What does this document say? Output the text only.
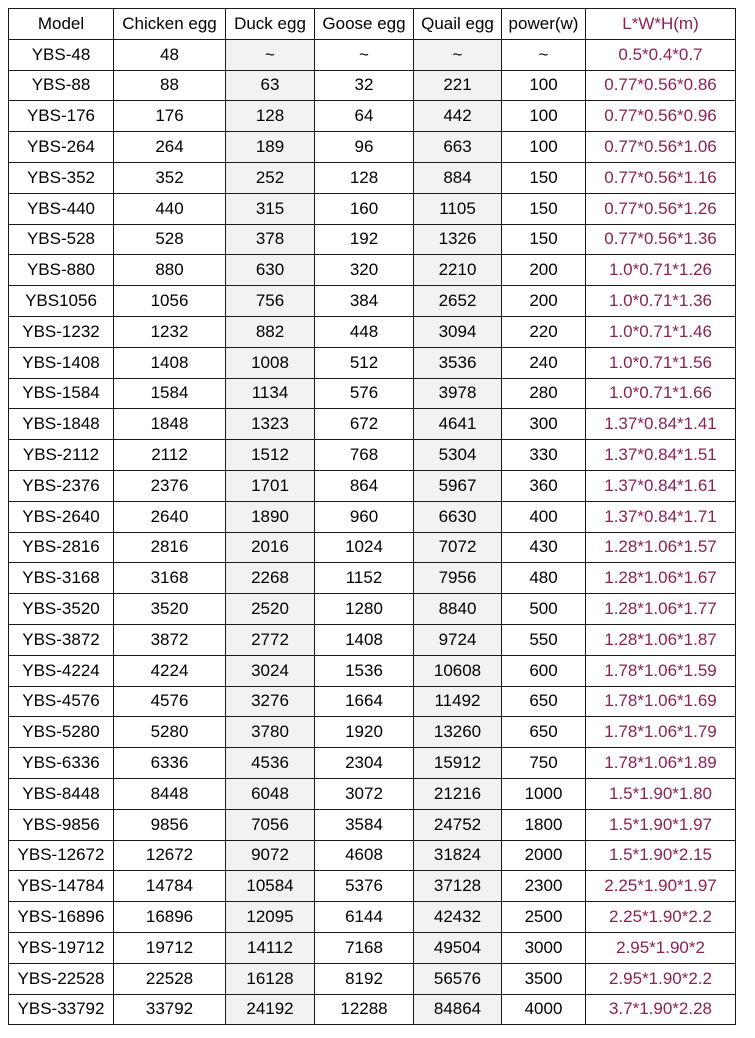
Model	Chicken egg	Duck egg	Goose egg	Quail egg	power(w)	L*W*H(m)
YBS-48	48	~	~	~	~	0.5*0.4*0.7
YBS-88	88	63	32	221	100	0.77*0.56*0.86
YBS-176	176	128	64	442	100	0.77*0.56*0.96
YBS-264	264	189	96	663	100	0.77*0.56*1.06
YBS-352	352	252	128	884	150	0.77*0.56*1.16
YBS-440	440	315	160	1105	150	0.77*0.56*1.26
YBS-528	528	378	192	1326	150	0.77*0.56*1.36
YBS-880	880	630	320	2210	200	1.0*0.71*1.26
YBS1056	1056	756	384	2652	200	1.0*0.71*1.36
YBS-1232	1232	882	448	3094	220	1.0*0.71*1.46
YBS-1408	1408	1008	512	3536	240	1.0*0.71*1.56
YBS-1584	1584	1134	576	3978	280	1.0*0.71*1.66
YBS-1848	1848	1323	672	4641	300	1.37*0.84*1.41
YBS-2112	2112	1512	768	5304	330	1.37*0.84*1.51
YBS-2376	2376	1701	864	5967	360	1.37*0.84*1.61
YBS-2640	2640	1890	960	6630	400	1.37*0.84*1.71
YBS-2816	2816	2016	1024	7072	430	1.28*1.06*1.57
YBS-3168	3168	2268	1152	7956	480	1.28*1.06*1.67
YBS-3520	3520	2520	1280	8840	500	1.28*1.06*1.77
YBS-3872	3872	2772	1408	9724	550	1.28*1.06*1.87
YBS-4224	4224	3024	1536	10608	600	1.78*1.06*1.59
YBS-4576	4576	3276	1664	11492	650	1.78*1.06*1.69
YBS-5280	5280	3780	1920	13260	650	1.78*1.06*1.79
YBS-6336	6336	4536	2304	15912	750	1.78*1.06*1.89
YBS-8448	8448	6048	3072	21216	1000	1.5*1.90*1.80
YBS-9856	9856	7056	3584	24752	1800	1.5*1.90*1.97
YBS-12672	12672	9072	4608	31824	2000	1.5*1.90*2.15
YBS-14784	14784	10584	5376	37128	2300	2.25*1.90*1.97
YBS-16896	16896	12095	6144	42432	2500	2.25*1.90*2.2
YBS-19712	19712	14112	7168	49504	3000	2.95*1.90*2
YBS-22528	22528	16128	8192	56576	3500	2.95*1.90*2.2
YBS-33792	33792	24192	12288	84864	4000	3.7*1.90*2.28
